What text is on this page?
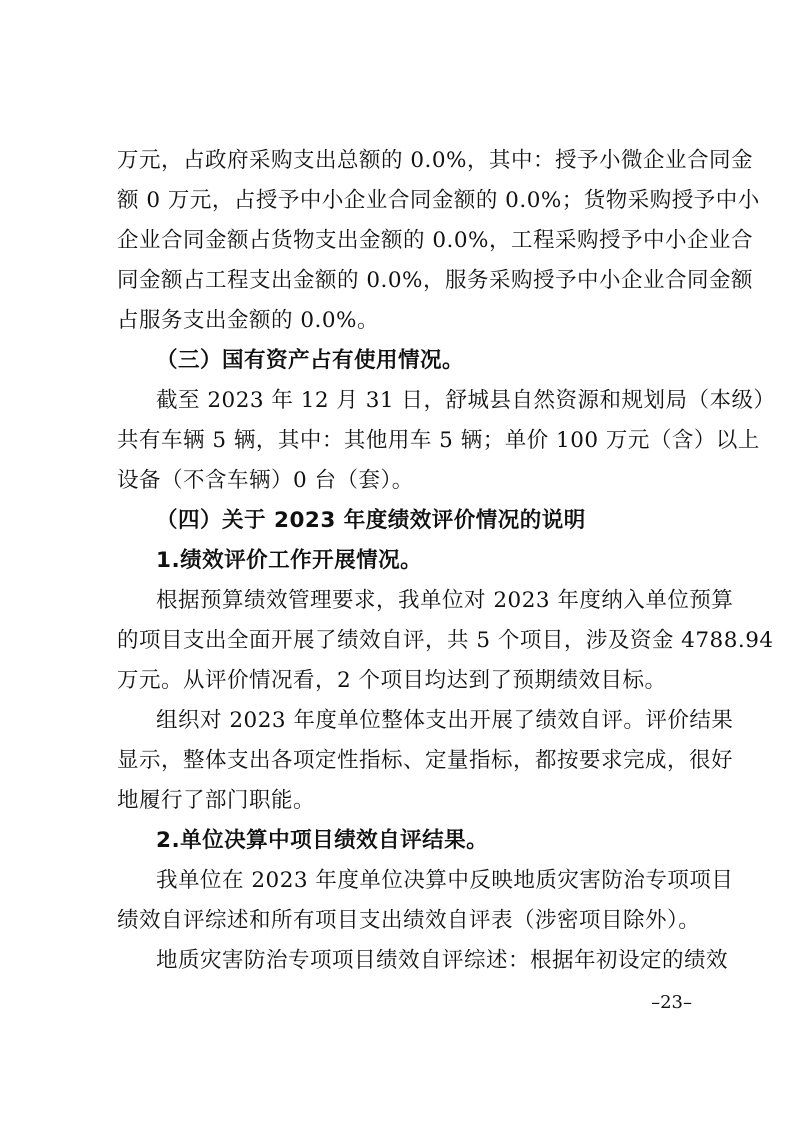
万元，占政府采购支出总额的 0.0%，其中：授予小微企业合同金
额 0 万元，占授予中小企业合同金额的 0.0%；货物采购授予中小
企业合同金额占货物支出金额的 0.0%，工程采购授予中小企业合
同金额占工程支出金额的 0.0%，服务采购授予中小企业合同金额
占服务支出金额的 0.0%。
（三）国有资产占有使用情况。
截至 2023 年 12 月 31 日，舒城县自然资源和规划局（本级）
共有车辆 5 辆，其中：其他用车 5 辆；单价 100 万元（含）以上
设备（不含车辆）0 台（套）。
（四）关于 2023 年度绩效评价情况的说明
1.绩效评价工作开展情况。
根据预算绩效管理要求，我单位对 2023 年度纳入单位预算
的项目支出全面开展了绩效自评，共 5 个项目，涉及资金 4788.94
万元。从评价情况看，2 个项目均达到了预期绩效目标。
组织对 2023 年度单位整体支出开展了绩效自评。评价结果
显示，整体支出各项定性指标、定量指标，都按要求完成，很好
地履行了部门职能。
2.单位决算中项目绩效自评结果。
我单位在 2023 年度单位决算中反映地质灾害防治专项项目
绩效自评综述和所有项目支出绩效自评表（涉密项目除外）。
地质灾害防治专项项目绩效自评综述：根据年初设定的绩效
–23–
